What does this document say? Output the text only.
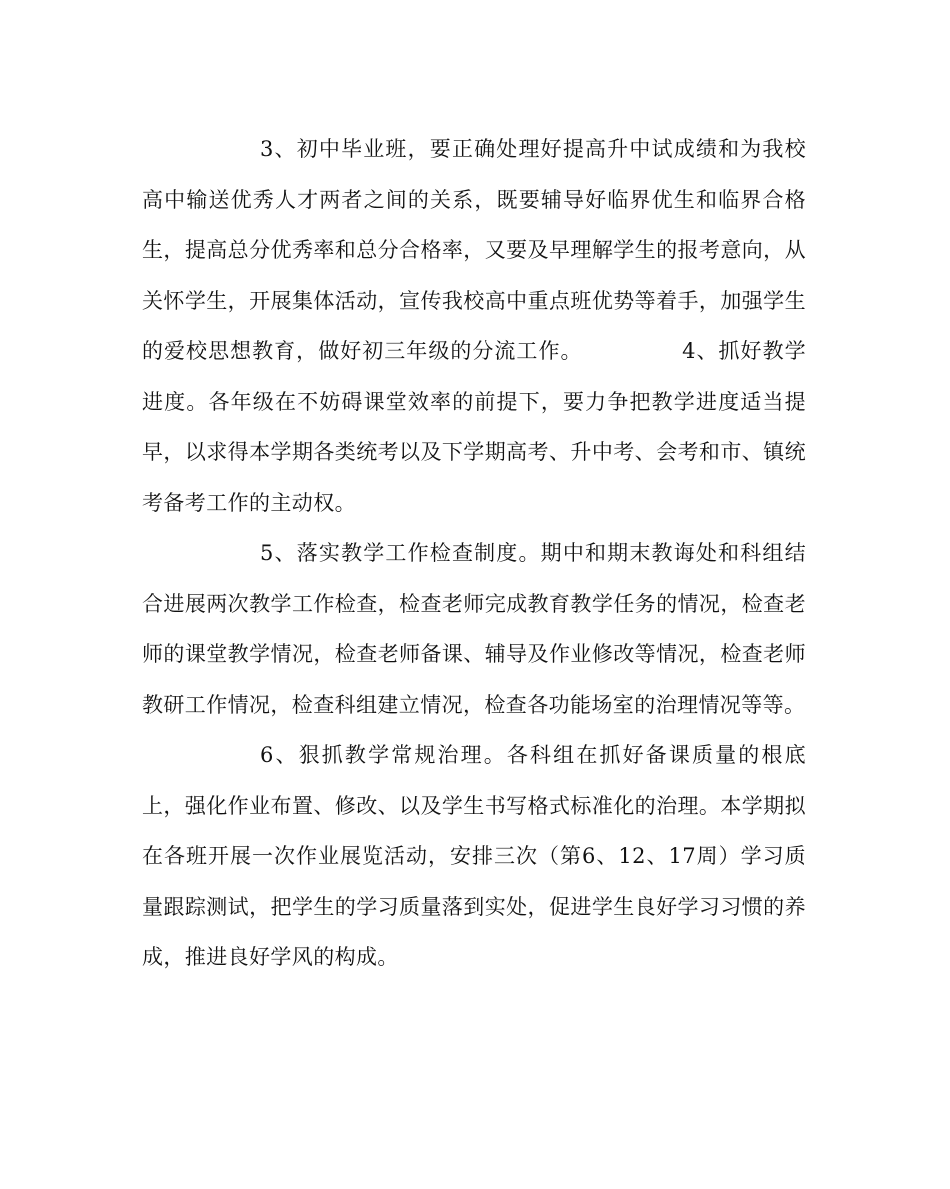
3、初中毕业班，要正确处理好提高升中试成绩和为我校高中输送优秀人才两者之间的关系，既要辅导好临界优生和临界合格生，提高总分优秀率和总分合格率，又要及早理解学生的报考意向，从关怀学生，开展集体活动，宣传我校高中重点班优势等着手，加强学生的爱校思想教育，做好初三年级的分流工作。　　　　　4、抓好教学进度。各年级在不妨碍课堂效率的前提下，要力争把教学进度适当提早，以求得本学期各类统考以及下学期高考、升中考、会考和市、镇统考备考工作的主动权。

5、落实教学工作检查制度。期中和期末教诲处和科组结合进展两次教学工作检查，检查老师完成教育教学任务的情况，检查老师的课堂教学情况，检查老师备课、辅导及作业修改等情况，检查老师教研工作情况，检查科组建立情况，检查各功能场室的治理情况等等。

6、狠抓教学常规治理。各科组在抓好备课质量的根底上，强化作业布置、修改、以及学生书写格式标准化的治理。本学期拟在各班开展一次作业展览活动，安排三次（第6、12、17周）学习质量跟踪测试，把学生的学习质量落到实处，促进学生良好学习习惯的养成，推进良好学风的构成。
